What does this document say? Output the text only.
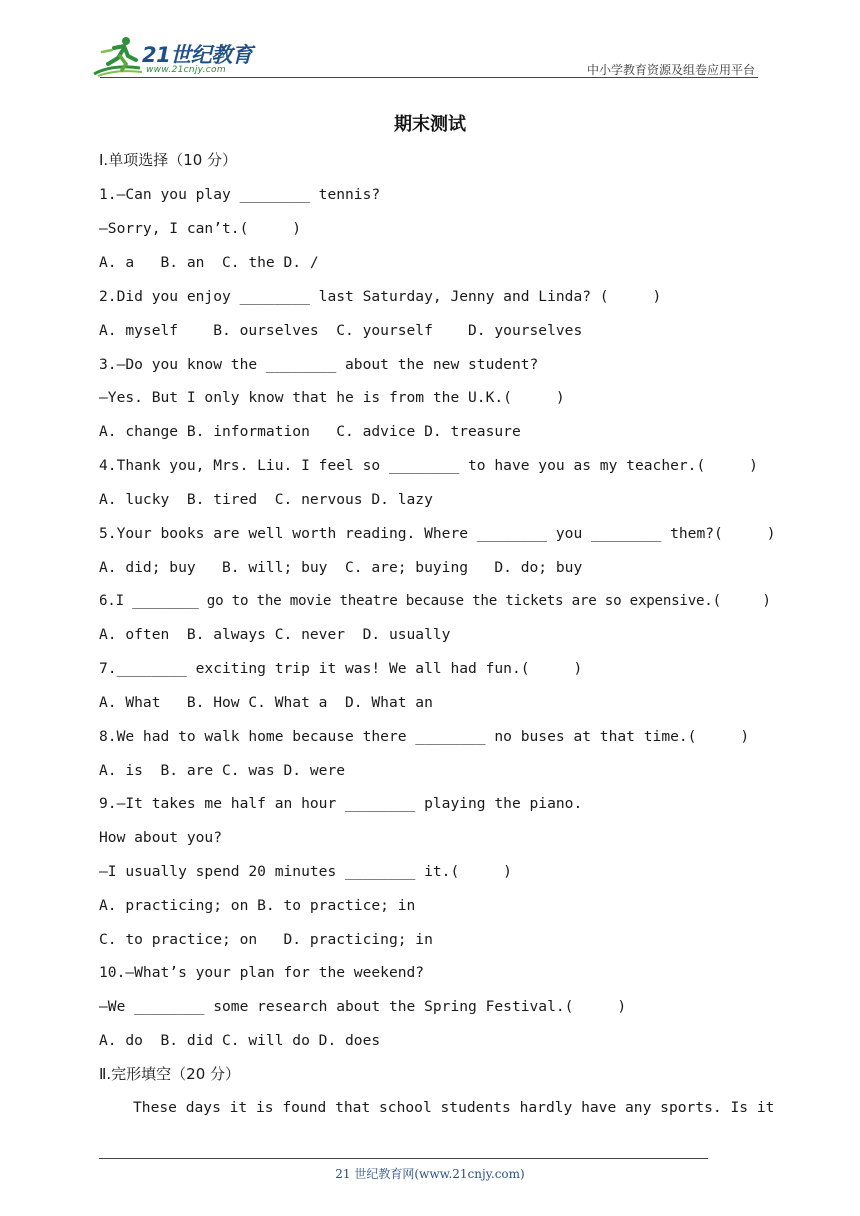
21世纪教育
www.21cnjy.com	中小学教育资源及组卷应用平台
期末测试
Ⅰ.单项选择（10 分）
1.—Can you play ________ tennis?
—Sorry, I can’t.(     )
A. a   B. an  C. the D. /
2.Did you enjoy ________ last Saturday, Jenny and Linda? (     )
A. myself    B. ourselves  C. yourself    D. yourselves
3.—Do you know the ________ about the new student?
—Yes. But I only know that he is from the U.K.(     )
A. change B. information   C. advice D. treasure
4.Thank you, Mrs. Liu. I feel so ________ to have you as my teacher.(     )
A. lucky  B. tired  C. nervous D. lazy
5.Your books are well worth reading. Where ________ you ________ them?(     )
A. did; buy   B. will; buy  C. are; buying   D. do; buy
6.I ________ go to the movie theatre because the tickets are so expensive.(     )
A. often  B. always C. never  D. usually
7.________ exciting trip it was! We all had fun.(     )
A. What   B. How C. What a  D. What an
8.We had to walk home because there ________ no buses at that time.(     )
A. is  B. are C. was D. were
9.—It takes me half an hour ________ playing the piano.
How about you?
—I usually spend 20 minutes ________ it.(     )
A. practicing; on B. to practice; in
C. to practice; on   D. practicing; in
10.—What’s your plan for the weekend?
—We ________ some research about the Spring Festival.(     )
A. do  B. did C. will do D. does
Ⅱ.完形填空（20 分）
These days it is found that school students hardly have any sports. Is it
21 世纪教育网(www.21cnjy.com)
